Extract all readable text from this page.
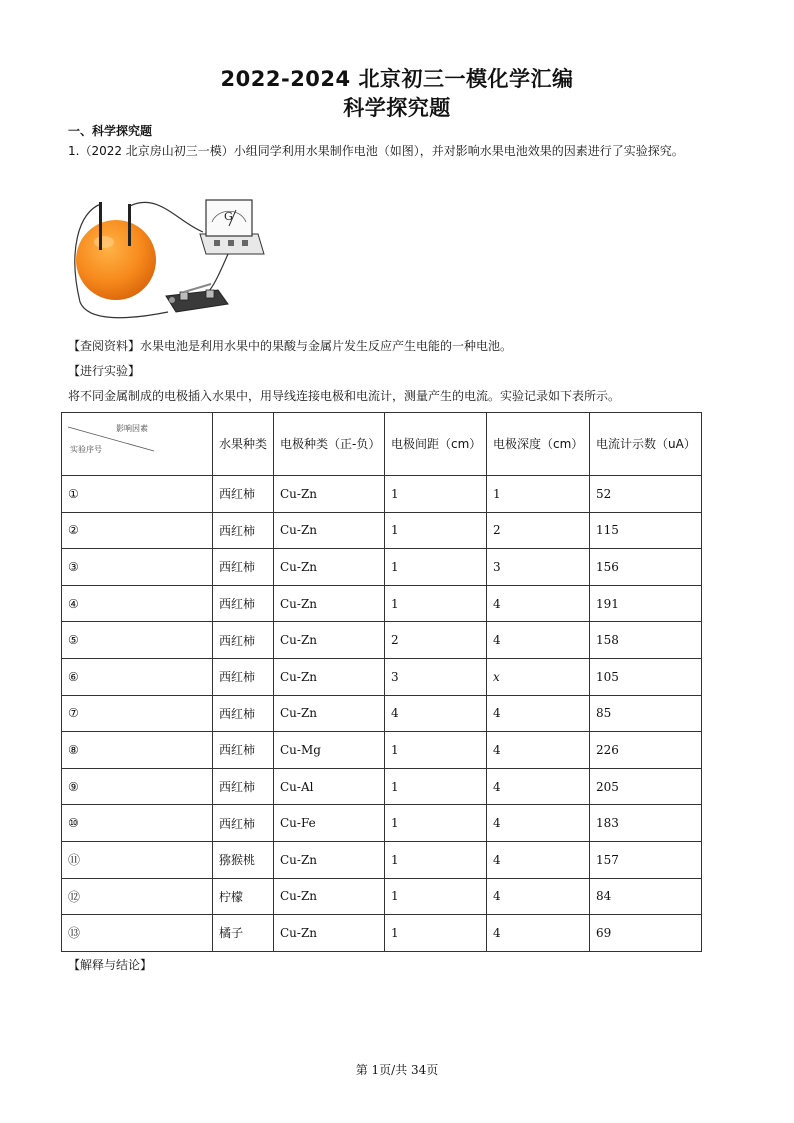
2022-2024 北京初三一模化学汇编
科学探究题
一、科学探究题
1.（2022 北京房山初三一模）小组同学利用水果制作电池（如图），并对影响水果电池效果的因素进行了实验探究。
G
【查阅资料】水果电池是利用水果中的果酸与金属片发生反应产生电能的一种电池。
【进行实验】
将不同金属制成的电极插入水果中，用导线连接电极和电流计，测量产生的电流。实验记录如下表所示。
影响因素
实验序号	水果种类	电极种类（正-负）	电极间距（cm）	电极深度（cm）	电流计示数（uA）
①	西红柿	Cu-Zn	1	1	52
②	西红柿	Cu-Zn	1	2	115
③	西红柿	Cu-Zn	1	3	156
④	西红柿	Cu-Zn	1	4	191
⑤	西红柿	Cu-Zn	2	4	158
⑥	西红柿	Cu-Zn	3	x	105
⑦	西红柿	Cu-Zn	4	4	85
⑧	西红柿	Cu-Mg	1	4	226
⑨	西红柿	Cu-Al	1	4	205
⑩	西红柿	Cu-Fe	1	4	183
⑪	猕猴桃	Cu-Zn	1	4	157
⑫	柠檬	Cu-Zn	1	4	84
⑬	橘子	Cu-Zn	1	4	69
【解释与结论】
第 1页/共 34页
